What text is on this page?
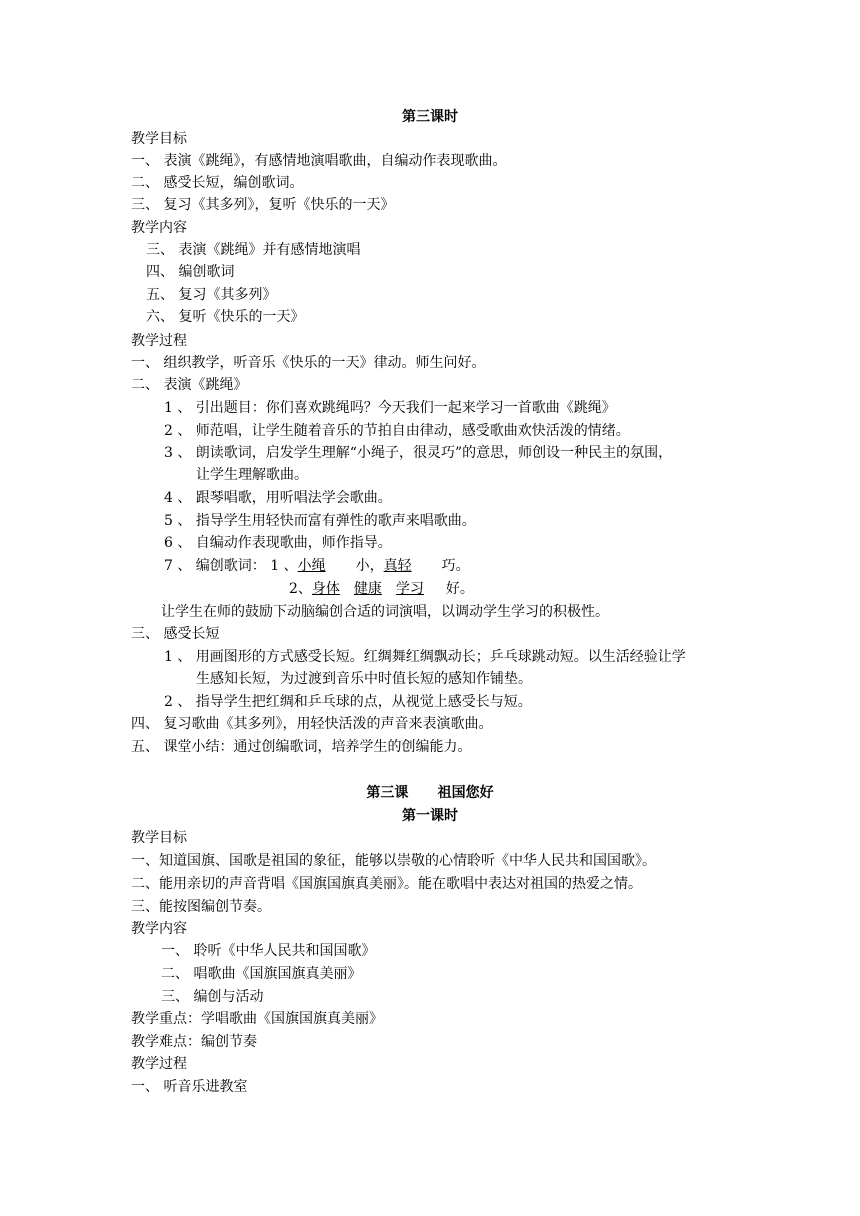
第三课时
教学目标
一、 表演《跳绳》，有感情地演唱歌曲，自编动作表现歌曲。
二、 感受长短，编创歌词。
三、 复习《其多列》，复听《快乐的一天》
教学内容
三、 表演《跳绳》并有感情地演唱
四、 编创歌词
五、 复习《其多列》
六、 复听《快乐的一天》
教学过程
一、 组织教学，听音乐《快乐的一天》律动。师生问好。
二、 表演《跳绳》
1 、 引出题目：你们喜欢跳绳吗？今天我们一起来学习一首歌曲《跳绳》
2 、 师范唱，让学生随着音乐的节拍自由律动，感受歌曲欢快活泼的情绪。
3 、 朗读歌词，启发学生理解“小绳子，很灵巧”的意思，师创设一种民主的氛围，
让学生理解歌曲。
4 、 跟琴唱歌，用听唱法学会歌曲。
5 、 指导学生用轻快而富有弹性的歌声来唱歌曲。
6 、 自编动作表现歌曲，师作指导。
7 、 编创歌词： 1 、小绳 小，真轻 巧。
2、身体 健康 学习 好。
让学生在师的鼓励下动脑编创合适的词演唱，以调动学生学习的积极性。
三、 感受长短
1 、 用画图形的方式感受长短。红绸舞红绸飘动长；乒乓球跳动短。以生活经验让学
生感知长短，为过渡到音乐中时值长短的感知作铺垫。
2 、 指导学生把红绸和乒乓球的点，从视觉上感受长与短。
四、 复习歌曲《其多列》，用轻快活泼的声音来表演歌曲。
五、 课堂小结：通过创编歌词，培养学生的创编能力。
第三课      祖国您好
第一课时
教学目标
一、知道国旗、国歌是祖国的象征，能够以崇敬的心情聆听《中华人民共和国国歌》。
二、能用亲切的声音背唱《国旗国旗真美丽》。能在歌唱中表达对祖国的热爱之情。
三、能按图编创节奏。
教学内容
一、 聆听《中华人民共和国国歌》
二、 唱歌曲《国旗国旗真美丽》
三、 编创与活动
教学重点：学唱歌曲《国旗国旗真美丽》
教学难点：编创节奏
教学过程
一、 听音乐进教室
